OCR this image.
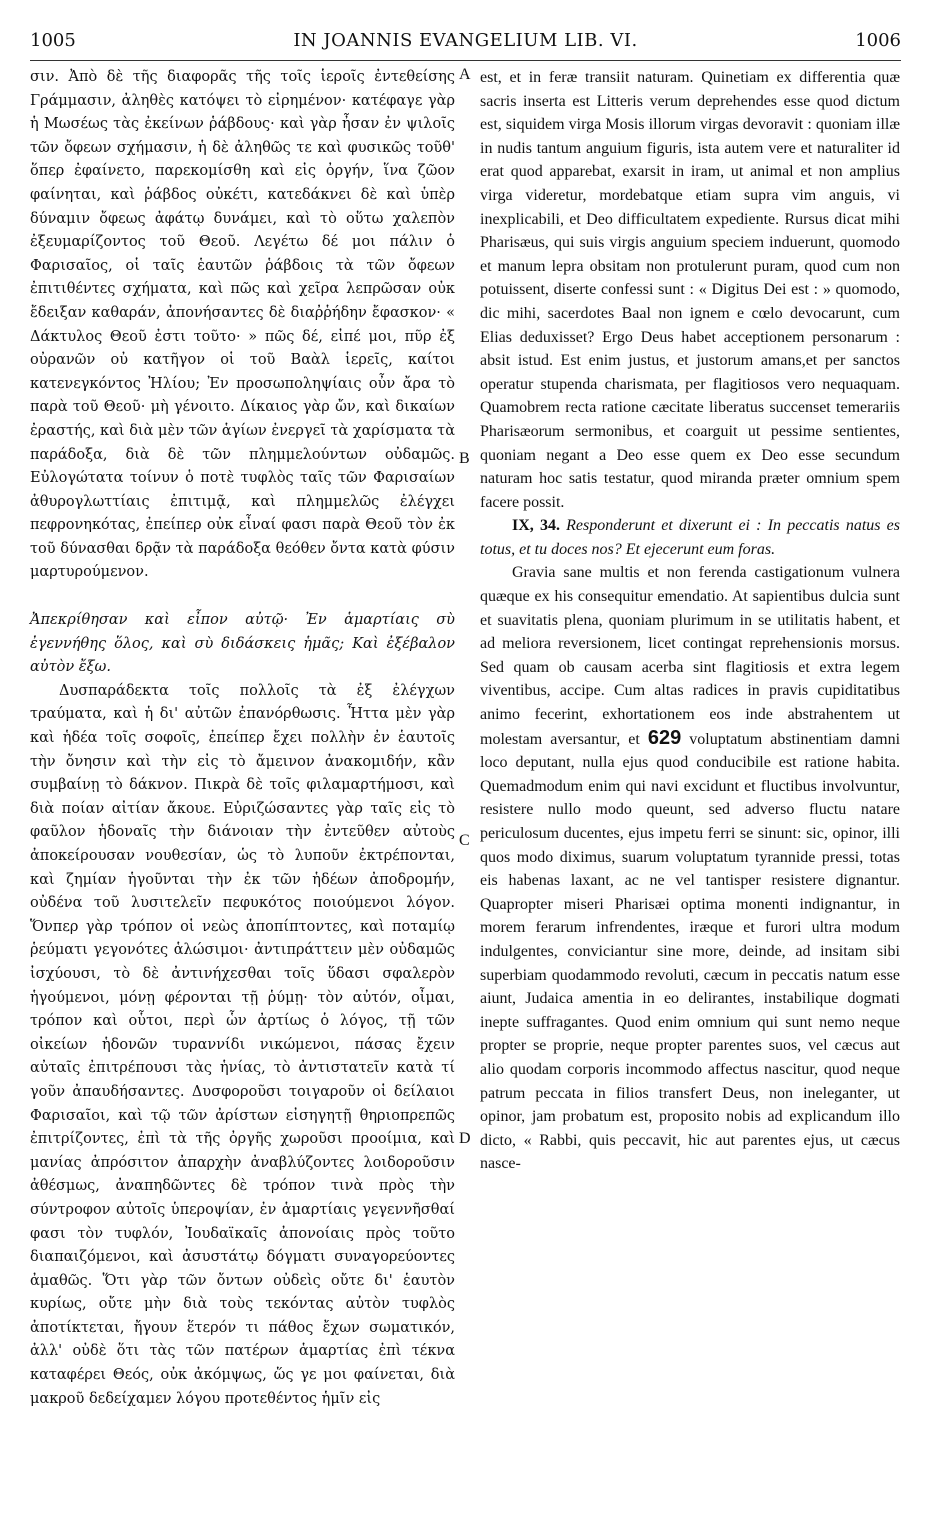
1005	IN JOANNIS EVANGELIUM LIB. VI.	1006
A
B
C
D

σιν. Ἀπὸ δὲ τῆς διαφορᾶς τῆς τοῖς ἱεροῖς ἐντεθείσης Γράμμασιν, ἀληθὲς κατόψει τὸ εἰρημένον· κατέφαγε γὰρ ἡ Μωσέως τὰς ἐκείνων ῥάβδους· καὶ γὰρ ἦσαν ἐν ψιλοῖς τῶν ὄφεων σχήμασιν, ἡ δὲ ἀληθῶς τε καὶ φυσικῶς τοῦθ' ὅπερ ἐφαίνετο, παρεκομίσθη καὶ εἰς ὀργήν, ἵνα ζῶον φαίνηται, καὶ ῥάβδος οὐκέτι, κατεδάκνει δὲ καὶ ὑπὲρ δύναμιν ὄφεως ἀφάτῳ δυνάμει, καὶ τὸ οὕτω χαλεπὸν ἐξευμαρίζοντος τοῦ Θεοῦ. Λεγέτω δέ μοι πάλιν ὁ Φαρισαῖος, οἱ ταῖς ἑαυτῶν ῥάβδοις τὰ τῶν ὄφεων ἐπιτιθέντες σχήματα, καὶ πῶς καὶ χεῖρα λεπρῶσαν οὐκ ἔδειξαν καθαράν, ἀπονήσαντες δὲ διαῤῥήδην ἔφασκον· « Δάκτυλος Θεοῦ ἐστι τοῦτο· » πῶς δέ, εἰπέ μοι, πῦρ ἐξ οὐρανῶν οὐ κατῆγον οἱ τοῦ Βαὰλ ἱερεῖς, καίτοι κατενεγκόντος Ἠλίου; Ἐν προσωποληψίαις οὖν ἄρα τὸ παρὰ τοῦ Θεοῦ· μὴ γένοιτο. Δίκαιος γὰρ ὤν, καὶ δικαίων ἐραστής, καὶ διὰ μὲν τῶν ἁγίων ἐνεργεῖ τὰ χαρίσματα τὰ παράδοξα, διὰ δὲ τῶν πλημμελούντων οὐδαμῶς. Εὐλογώτατα τοίνυν ὁ ποτὲ τυφλὸς ταῖς τῶν Φαρισαίων ἀθυρογλωττίαις ἐπιτιμᾷ, καὶ πλημμελῶς ἐλέγχει πεφρονηκότας, ἐπείπερ οὐκ εἶναί φασι παρὰ Θεοῦ τὸν ἐκ τοῦ δύνασθαι δρᾷν τὰ παράδοξα θεόθεν ὄντα κατὰ φύσιν μαρτυρούμενον.

Ἀπεκρίθησαν καὶ εἶπον αὐτῷ· Ἐν ἁμαρτίαις σὺ ἐγεννήθης ὅλος, καὶ σὺ διδάσκεις ἡμᾶς; Καὶ ἐξέβαλον αὐτὸν ἔξω.

Δυσπαράδεκτα τοῖς πολλοῖς τὰ ἐξ ἐλέγχων τραύματα, καὶ ἡ δι' αὐτῶν ἐπανόρθωσις. Ἧττα μὲν γὰρ καὶ ἡδέα τοῖς σοφοῖς, ἐπείπερ ἔχει πολλὴν ἐν ἑαυτοῖς τὴν ὄνησιν καὶ τὴν εἰς τὸ ἄμεινον ἀνακομιδήν, κἂν συμβαίνῃ τὸ δάκνον. Πικρὰ δὲ τοῖς φιλαμαρτήμοσι, καὶ διὰ ποίαν αἰτίαν ἄκουε. Εὐριζώσαντες γὰρ ταῖς εἰς τὸ φαῦλον ἡδοναῖς τὴν διάνοιαν τὴν ἐντεῦθεν αὐτοὺς ἀποκείρουσαν νουθεσίαν, ὡς τὸ λυποῦν ἐκτρέπονται, καὶ ζημίαν ἡγοῦνται τὴν ἐκ τῶν ἡδέων ἀποδρομήν, οὐδένα τοῦ λυσιτελεῖν πεφυκότος ποιούμενοι λόγον. Ὅνπερ γὰρ τρόπον οἱ νεὼς ἀποπίπτοντες, καὶ ποταμίῳ ῥεύματι γεγονότες ἁλώσιμοι· ἀντιπράττειν μὲν οὐδαμῶς ἰσχύουσι, τὸ δὲ ἀντινήχεσθαι τοῖς ὕδασι σφαλερὸν ἡγούμενοι, μόνῃ φέρονται τῇ ῥύμῃ· τὸν αὐτόν, οἶμαι, τρόπον καὶ οὗτοι, περὶ ὧν ἀρτίως ὁ λόγος, τῇ τῶν οἰκείων ἡδονῶν τυραννίδι νικώμενοι, πάσας ἔχειν αὐταῖς ἐπιτρέπουσι τὰς ἡνίας, τὸ ἀντιστατεῖν κατὰ τί γοῦν ἀπαυδήσαντες. Δυσφοροῦσι τοιγαροῦν οἱ δείλαιοι Φαρισαῖοι, καὶ τῷ τῶν ἀρίστων εἰσηγητῇ θηριοπρεπῶς ἐπιτρίζοντες, ἐπὶ τὰ τῆς ὀργῆς χωροῦσι προοίμια, καὶ μανίας ἀπρόσιτον ἀπαρχὴν ἀναβλύζοντες λοιδοροῦσιν ἀθέσμως, ἀναπηδῶντες δὲ τρόπον τινὰ πρὸς τὴν σύντροφον αὐτοῖς ὑπεροψίαν, ἐν ἁμαρτίαις γεγεννῆσθαί φασι τὸν τυφλόν, Ἰουδαϊκαῖς ἀπονοίαις πρὸς τοῦτο διαπαιζόμενοι, καὶ ἀσυστάτῳ δόγματι συναγορεύοντες ἀμαθῶς. Ὅτι γὰρ τῶν ὄντων οὐδεὶς οὔτε δι' ἑαυτὸν κυρίως, οὔτε μὴν διὰ τοὺς τεκόντας αὐτὸν τυφλὸς ἀποτίκτεται, ἤγουν ἕτερόν τι πάθος ἔχων σωματικόν, ἀλλ' οὐδὲ ὅτι τὰς τῶν πατέρων ἁμαρτίας ἐπὶ τέκνα καταφέρει Θεός, οὐκ ἀκόμψως, ὥς γε μοι φαίνεται, διὰ μακροῦ δεδείχαμεν λόγου προτεθέντος ἡμῖν εἰς

est, et in feræ transiit naturam. Quinetiam ex differentia quæ sacris inserta est Litteris verum deprehendes esse quod dictum est, siquidem virga Mosis illorum virgas devoravit : quoniam illæ in nudis tantum anguium figuris, ista autem vere et naturaliter id erat quod apparebat, exarsit in iram, ut animal et non amplius virga videretur, mordebatque etiam supra vim anguis, vi inexplicabili, et Deo difficultatem expediente. Rursus dicat mihi Pharisæus, qui suis virgis anguium speciem induerunt, quomodo et manum lepra obsitam non protulerunt puram, quod cum non potuissent, diserte confessi sunt : « Digitus Dei est : » quomodo, dic mihi, sacerdotes Baal non ignem e cœlo devocarunt, cum Elias deduxisset? Ergo Deus habet acceptionem personarum : absit istud. Est enim justus, et justorum amans,et per sanctos operatur stupenda charismata, per flagitiosos vero nequaquam. Quamobrem recta ratione cæcitate liberatus succenset temerariis Pharisæorum sermonibus, et coarguit ut pessime sentientes, quoniam negant a Deo esse quem ex Deo esse secundum naturam hoc satis testatur, quod miranda præter omnium spem facere possit.

IX, 34. Responderunt et dixerunt ei : In peccatis natus es totus, et tu doces nos? Et ejecerunt eum foras.

Gravia sane multis et non ferenda castigationum vulnera quæque ex his consequitur emendatio. At sapientibus dulcia sunt et suavitatis plena, quoniam plurimum in se utilitatis habent, et ad meliora reversionem, licet contingat reprehensionis morsus. Sed quam ob causam acerba sint flagitiosis et extra legem viventibus, accipe. Cum altas radices in pravis cupiditatibus animo fecerint, exhortationem eos inde abstrahentem ut molestam aversantur, et 629 voluptatum abstinentiam damni loco deputant, nulla ejus quod conducibile est ratione habita. Quemadmodum enim qui navi excidunt et fluctibus involvuntur, resistere nullo modo queunt, sed adverso fluctu natare periculosum ducentes, ejus impetu ferri se sinunt: sic, opinor, illi quos modo diximus, suarum voluptatum tyrannide pressi, totas eis habenas laxant, ac ne vel tantisper resistere dignantur. Quapropter miseri Pharisæi optima monenti indignantur, in morem ferarum infrendentes, iræque et furori ultra modum indulgentes, conviciantur sine more, deinde, ad insitam sibi superbiam quodammodo revoluti, cæcum in peccatis natum esse aiunt, Judaica amentia in eo delirantes, instabilique dogmati inepte suffragantes. Quod enim omnium qui sunt nemo neque propter se proprie, neque propter parentes suos, vel cæcus aut alio quodam corporis incommodo affectus nascitur, quod neque patrum peccata in filios transfert Deus, non ineleganter, ut opinor, jam probatum est, proposito nobis ad explicandum illo dicto, « Rabbi, quis peccavit, hic aut parentes ejus, ut cæcus nasce-
